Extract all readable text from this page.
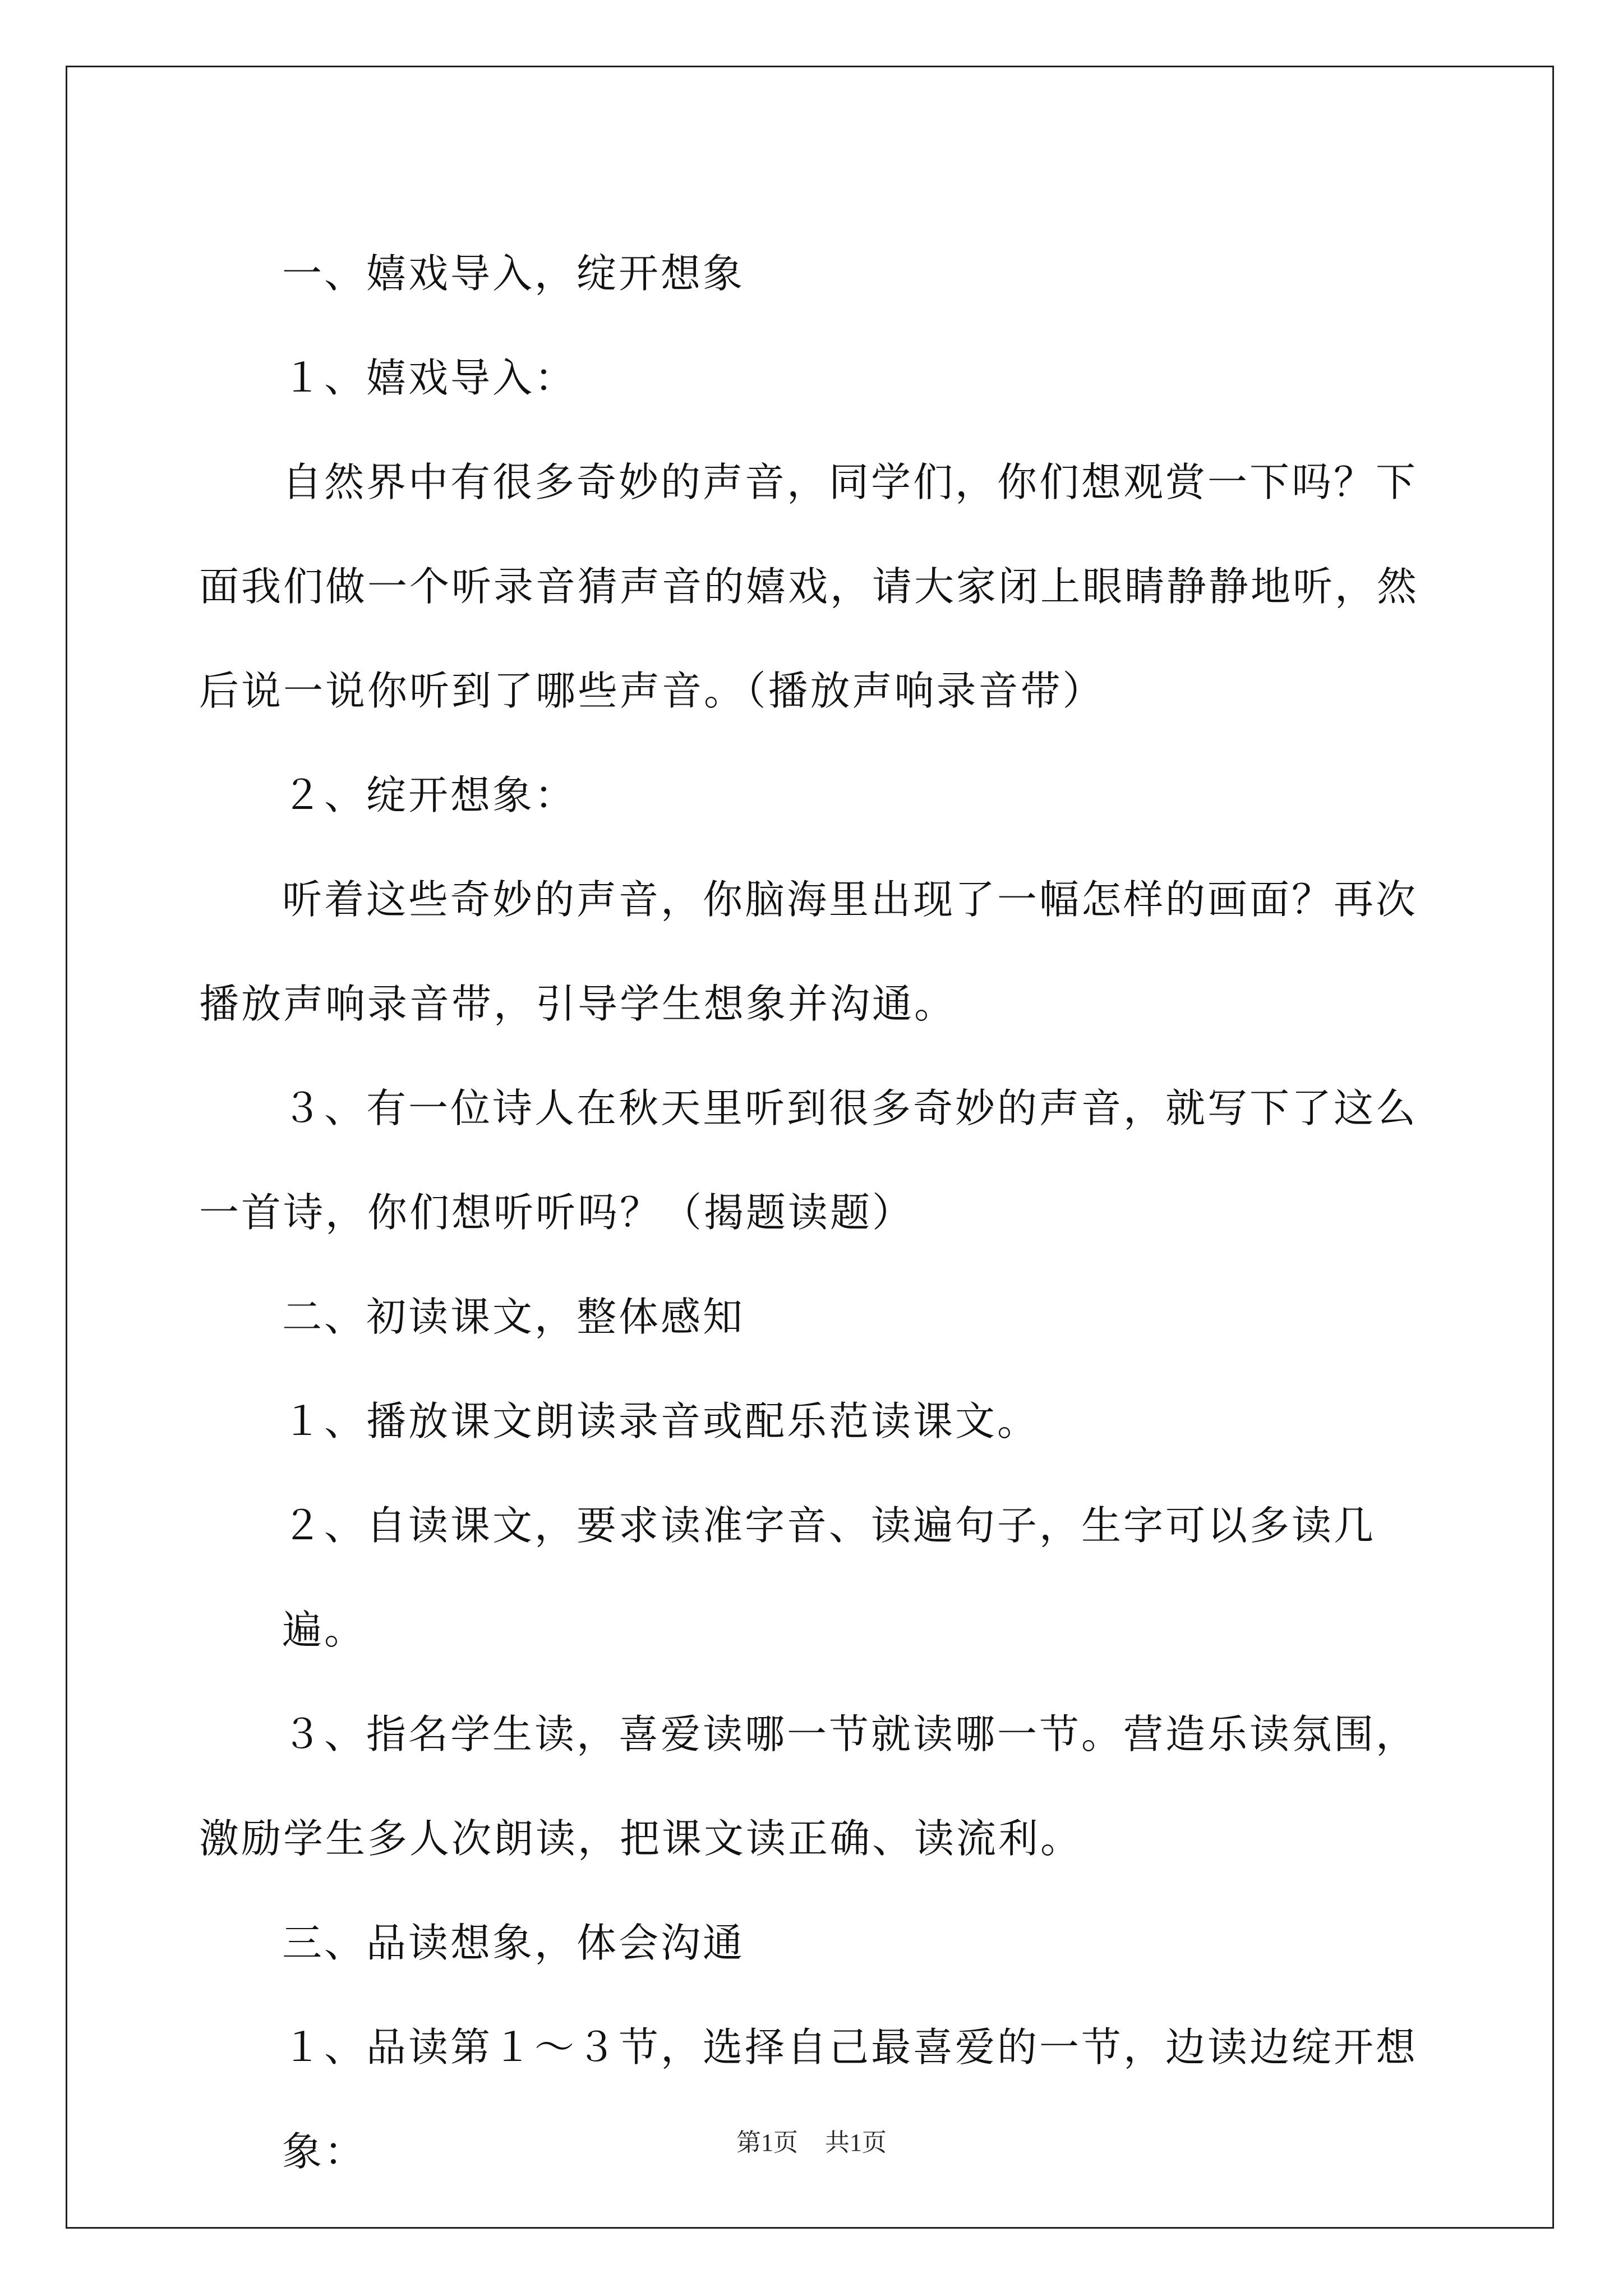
一、嬉戏导入，绽开想象

１、嬉戏导入：

自然界中有很多奇妙的声音，同学们，你们想观赏一下吗？下面我们做一个听录音猜声音的嬉戏，请大家闭上眼睛静静地听，然后说一说你听到了哪些声音。（播放声响录音带）

２、绽开想象：

听着这些奇妙的声音，你脑海里出现了一幅怎样的画面？再次播放声响录音带，引导学生想象并沟通。

３、有一位诗人在秋天里听到很多奇妙的声音，就写下了这么一首诗，你们想听听吗？（揭题读题）

二、初读课文，整体感知

１、播放课文朗读录音或配乐范读课文。

２、自读课文，要求读准字音、读遍句子，生字可以多读几遍。

３、指名学生读，喜爱读哪一节就读哪一节。营造乐读氛围，激励学生多人次朗读，把课文读正确、读流利。

三、品读想象，体会沟通

１、品读第１～３节，选择自己最喜爱的一节，边读边绽开想象：	第1页 共1页
